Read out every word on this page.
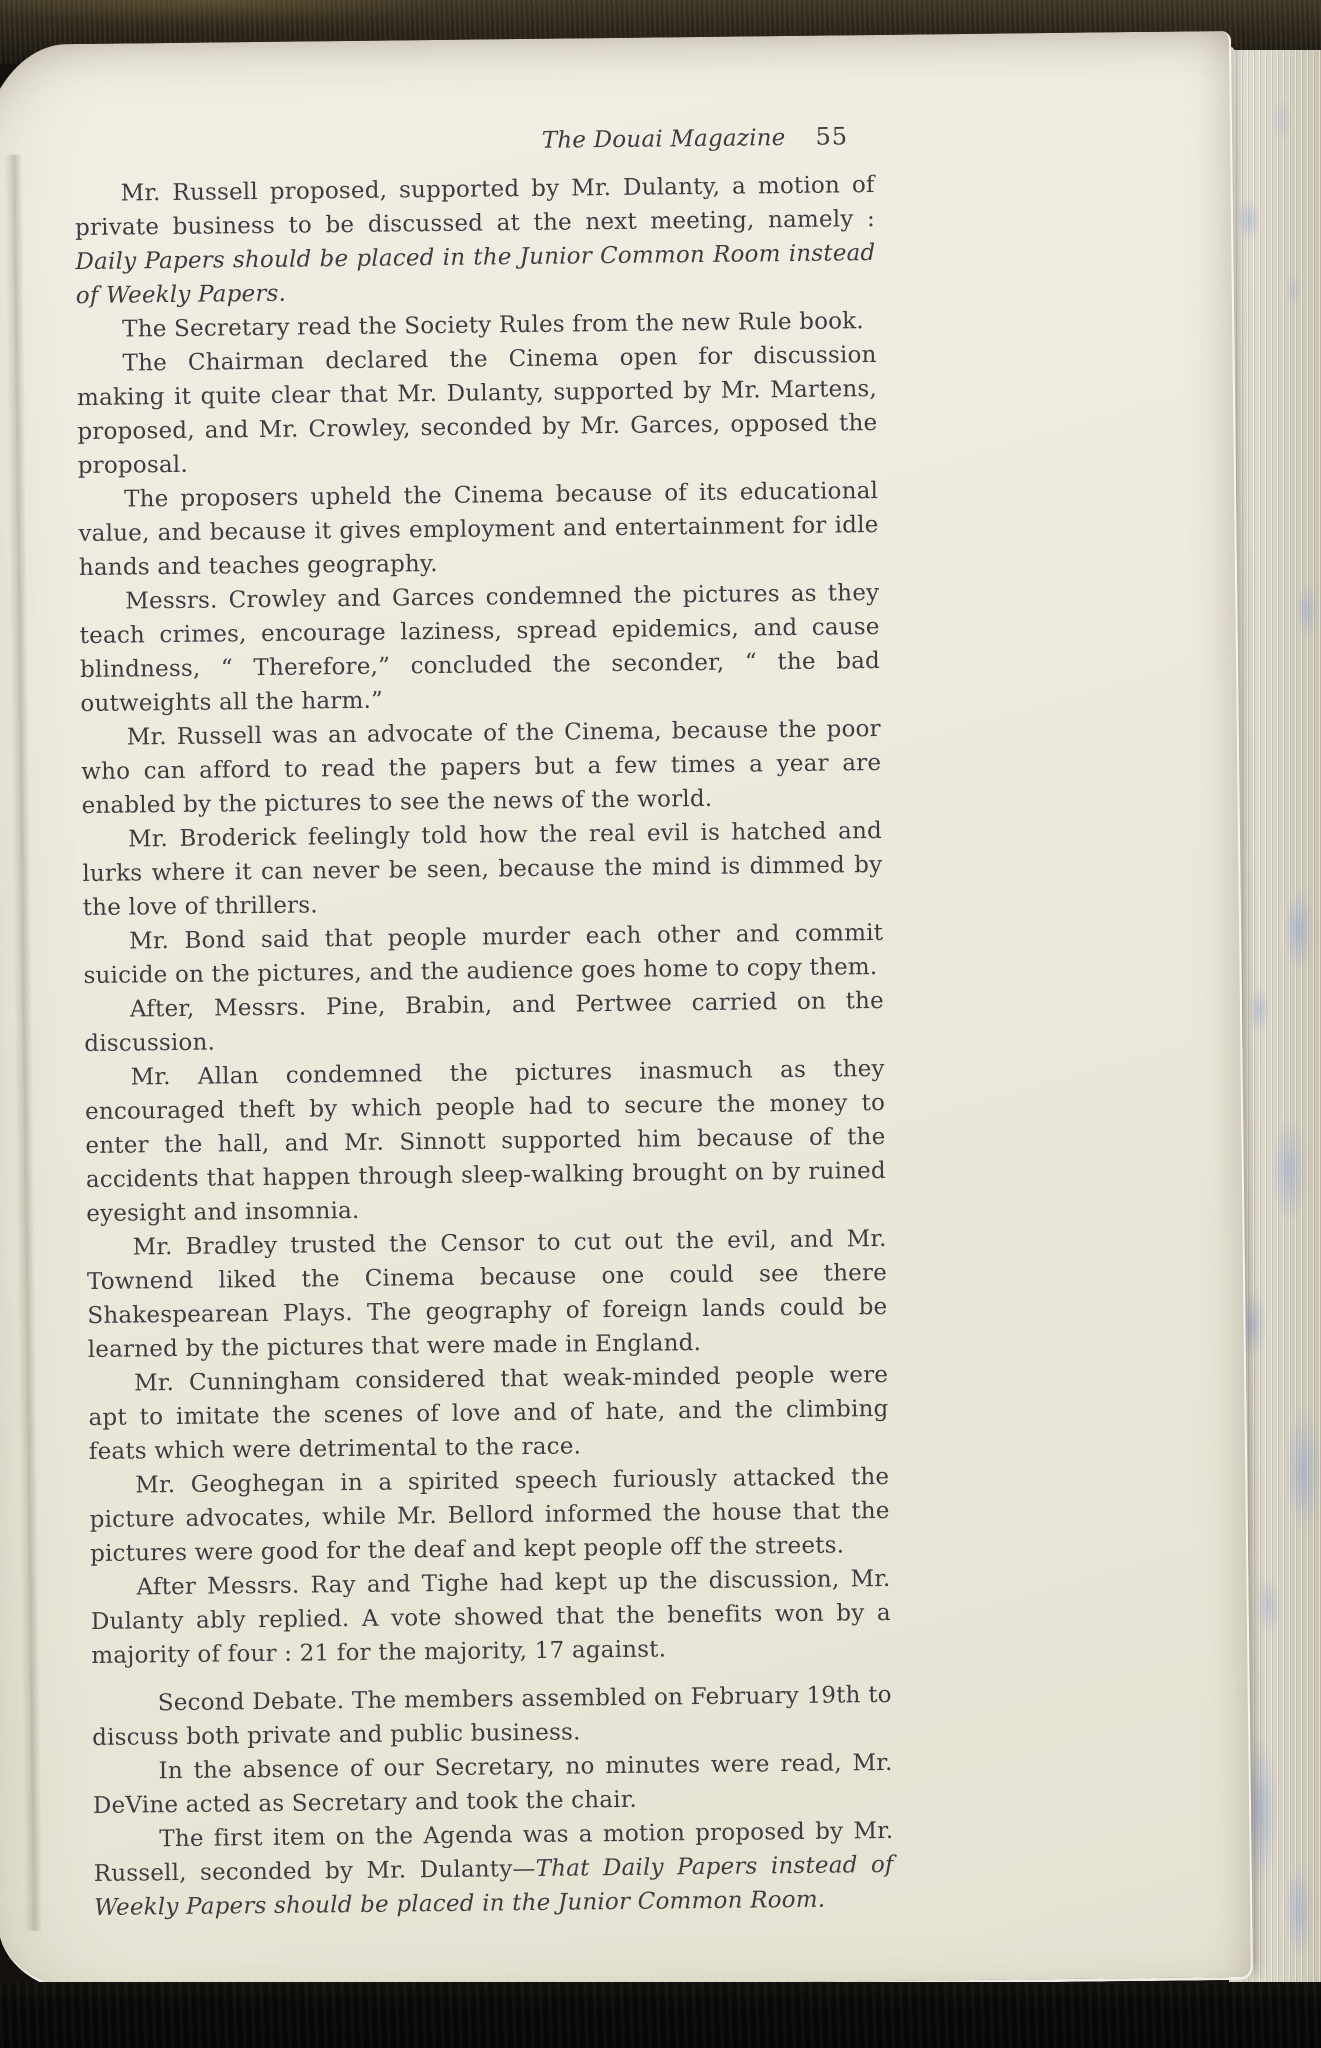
The Douai Magazine 55

Mr. Russell proposed, supported by Mr. Dulanty, a motion of private business to be discussed at the next meeting, namely : Daily Papers should be placed in the Junior Common Room instead of Weekly Papers.

The Secretary read the Society Rules from the new Rule book.

The Chairman declared the Cinema open for discussion making it quite clear that Mr. Dulanty, supported by Mr. Martens, proposed, and Mr. Crowley, seconded by Mr. Garces, opposed the proposal.

The proposers upheld the Cinema because of its educational value, and because it gives employment and entertainment for idle hands and teaches geography.

Messrs. Crowley and Garces condemned the pictures as they teach crimes, encourage laziness, spread epidemics, and cause blindness, “ Therefore,” concluded the seconder, “ the bad outweights all the harm.”

Mr. Russell was an advocate of the Cinema, because the poor who can afford to read the papers but a few times a year are enabled by the pictures to see the news of the world.

Mr. Broderick feelingly told how the real evil is hatched and lurks where it can never be seen, because the mind is dimmed by the love of thrillers.

Mr. Bond said that people murder each other and commit suicide on the pictures, and the audience goes home to copy them.

After, Messrs. Pine, Brabin, and Pertwee carried on the discussion.

Mr. Allan condemned the pictures inasmuch as they encouraged theft by which people had to secure the money to enter the hall, and Mr. Sinnott supported him because of the accidents that happen through sleep-walking brought on by ruined eyesight and insomnia.

Mr. Bradley trusted the Censor to cut out the evil, and Mr. Townend liked the Cinema because one could see there Shakespearean Plays. The geography of foreign lands could be learned by the pictures that were made in England.

Mr. Cunningham considered that weak-minded people were apt to imitate the scenes of love and of hate, and the climbing feats which were detrimental to the race.

Mr. Geoghegan in a spirited speech furiously attacked the picture advocates, while Mr. Bellord informed the house that the pictures were good for the deaf and kept people off the streets.

After Messrs. Ray and Tighe had kept up the discussion, Mr. Dulanty ably replied. A vote showed that the benefits won by a majority of four : 21 for the majority, 17 against.

Second Debate. The members assembled on February 19th to discuss both private and public business.

In the absence of our Secretary, no minutes were read, Mr. DeVine acted as Secretary and took the chair.

The first item on the Agenda was a motion proposed by Mr. Russell, seconded by Mr. Dulanty—That Daily Papers instead of Weekly Papers should be placed in the Junior Common Room.
